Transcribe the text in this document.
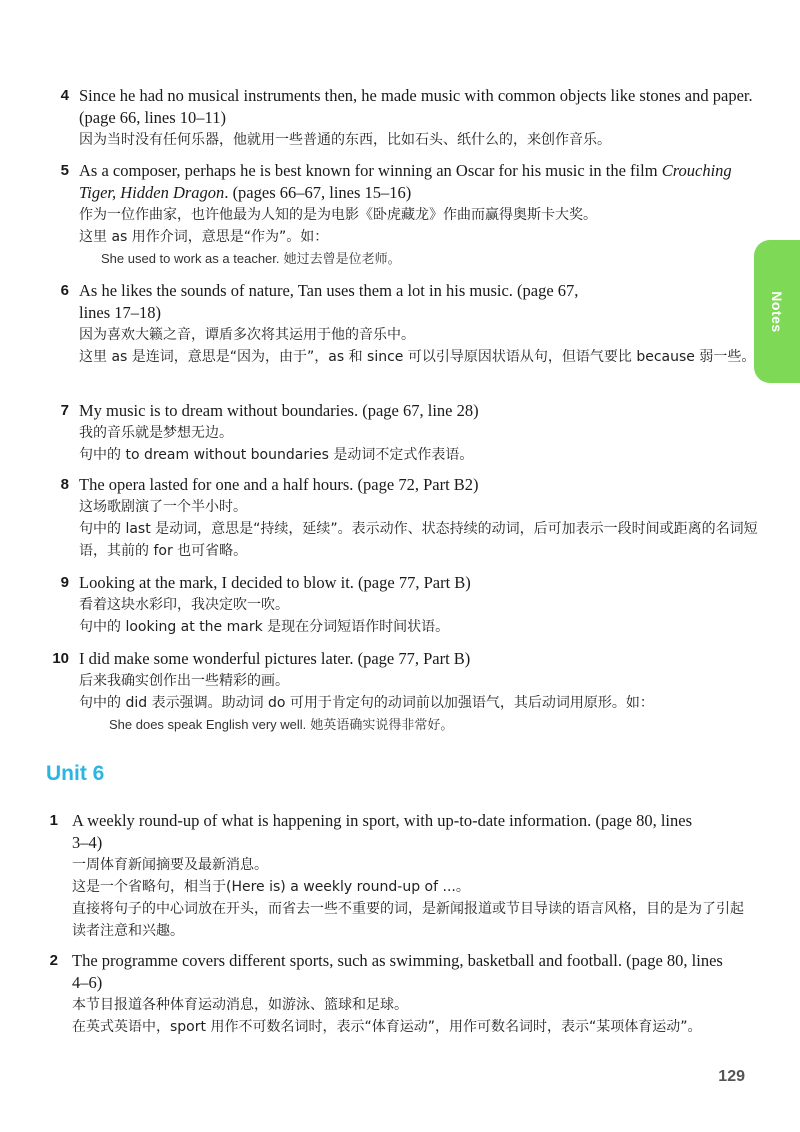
Notes
4 Since he had no musical instruments then, he made music with common objects like stones and paper. (page 66, lines 10–11)

因为当时没有任何乐器，他就用一些普通的东西，比如石头、纸什么的，来创作音乐。

5 As a composer, perhaps he is best known for winning an Oscar for his music in the film Crouching Tiger, Hidden Dragon. (pages 66–67, lines 15–16)

作为一位作曲家，也许他最为人知的是为电影《卧虎藏龙》作曲而赢得奥斯卡大奖。

这里 as 用作介词，意思是“作为”。如：

She used to work as a teacher. 她过去曾是位老师。

6 As he likes the sounds of nature, Tan uses them a lot in his music. (page 67, lines 17–18)

因为喜欢大籁之音，谭盾多次将其运用于他的音乐中。

这里 as 是连词，意思是“因为，由于”，as 和 since 可以引导原因状语从句，但语气要比 because 弱一些。

7 My music is to dream without boundaries. (page 67, line 28)

我的音乐就是梦想无边。

句中的 to dream without boundaries 是动词不定式作表语。

8 The opera lasted for one and a half hours. (page 72, Part B2)

这场歌剧演了一个半小时。

句中的 last 是动词，意思是“持续，延续”。表示动作、状态持续的动词，后可加表示一段时间或距离的名词短语，其前的 for 也可省略。

9 Looking at the mark, I decided to blow it. (page 77, Part B)

看着这块水彩印，我决定吹一吹。

句中的 looking at the mark 是现在分词短语作时间状语。

10 I did make some wonderful pictures later. (page 77, Part B)

后来我确实创作出一些精彩的画。

句中的 did 表示强调。助动词 do 可用于肯定句的动词前以加强语气，其后动词用原形。如：

She does speak English very well. 她英语确实说得非常好。

Unit 6
1 A weekly round-up of what is happening in sport, with up-to-date information. (page 80, lines 3–4)

一周体育新闻摘要及最新消息。

这是一个省略句，相当于(Here is) a weekly round-up of ...。

直接将句子的中心词放在开头，而省去一些不重要的词，是新闻报道或节目导读的语言风格，目的是为了引起读者注意和兴趣。

2 The programme covers different sports, such as swimming, basketball and football. (page 80, lines 4–6)

本节目报道各种体育运动消息，如游泳、篮球和足球。

在英式英语中，sport 用作不可数名词时，表示“体育运动”，用作可数名词时，表示“某项体育运动”。

129
